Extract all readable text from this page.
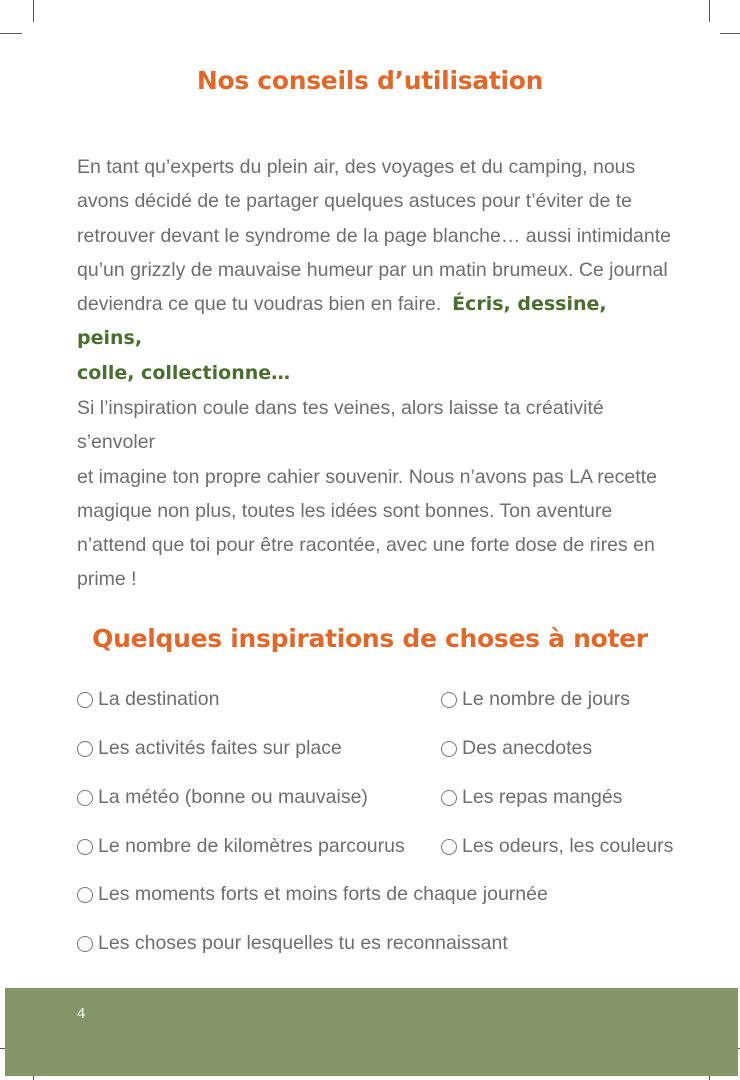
Nos conseils d’utilisation
En tant qu’experts du plein air, des voyages et du camping, nous
avons décidé de te partager quelques astuces pour t’éviter de te
retrouver devant le syndrome de la page blanche… aussi intimidante
qu’un grizzly de mauvaise humeur par un matin brumeux. Ce journal
deviendra ce que tu voudras bien en faire. Écris, dessine, peins,
colle, collectionne…
Si l’inspiration coule dans tes veines, alors laisse ta créativité s’envoler
et imagine ton propre cahier souvenir. Nous n’avons pas LA recette
magique non plus, toutes les idées sont bonnes. Ton aventure
n’attend que toi pour être racontée, avec une forte dose de rires en
prime !
Quelques inspirations de choses à noter
La destination	Le nombre de jours
Les activités faites sur place	Des anecdotes
La météo (bonne ou mauvaise)	Les repas mangés
Le nombre de kilomètres parcourus	Les odeurs, les couleurs
Les moments forts et moins forts de chaque journée
Les choses pour lesquelles tu es reconnaissant
4
